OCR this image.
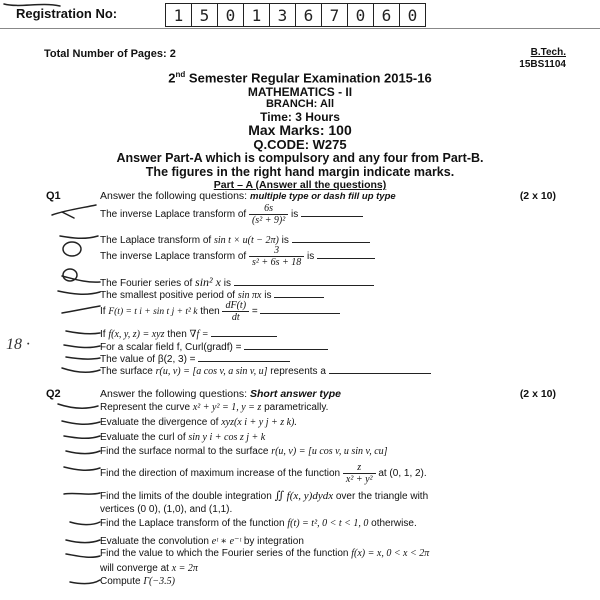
Registration No:	1	5	0	1	3	6	7	0	6	0
Total Number of Pages: 2	B.Tech.
15BS1104
2nd Semester Regular Examination 2015-16
MATHEMATICS - II
BRANCH: All
Time: 3 Hours
Max Marks: 100
Q.CODE: W275
Answer Part-A which is compulsory and any four from Part-B.
The figures in the right hand margin indicate marks.
Part – A (Answer all the questions)
Q1	Answer the following questions: multiple type or dash fill up type	(2 x 10)
The inverse Laplace transform of $\frac{6s}{\text{(s² + 9)²}}$ is
The Laplace transform of sin t × u(t − 2π) is
The inverse Laplace transform of $\frac{3}{\text{s² + 6s + 18}}$ is
The Fourier series of sin² x is
The smallest positive period of sin πx is
If F(t) = t i + sin t j + t² k then $\frac{dF(t)}{dt}$ =
If f(x, y, z) = xyz then ∇f =
For a scalar field f, Curl(gradf) =
The value of β(2, 3) =
The surface r(u, v) = [a cos v, a sin v, u] represents a
Q2	Answer the following questions: Short answer type	(2 x 10)
Represent the curve x² + y² = 1, y = z parametrically.
Evaluate the divergence of xyz(x i + y j + z k).
Evaluate the curl of sin y i + cos z j + k
Find the surface normal to the surface r(u, v) = [u cos v, u sin v, cu]
Find the direction of maximum increase of the function $\frac{z}{\text{x² + y²}}$ at (0, 1, 2).
Find the limits of the double integration ∬ f(x, y)dydx over the triangle with
vertices (0 0), (1,0), and (1,1).
Find the Laplace transform of the function f(t) = t², 0 < t < 1, 0 otherwise.
Evaluate the convolution eᵗ ∗ e⁻ᵗ by integration
Find the value to which the Fourier series of the function f(x) = x, 0 < x < 2π
will converge at x = 2π
Compute Γ(−3.5)
18 ·
